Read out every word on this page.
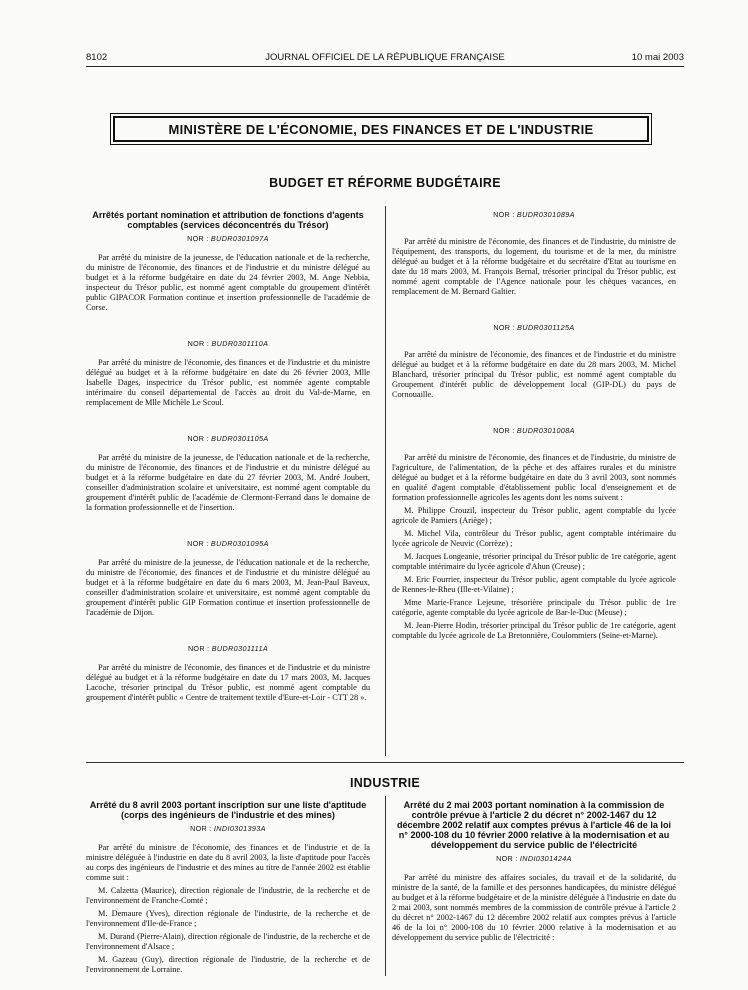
8102	JOURNAL OFFICIEL DE LA RÉPUBLIQUE FRANÇAISE	10 mai 2003
MINISTÈRE DE L'ÉCONOMIE, DES FINANCES ET DE L'INDUSTRIE
BUDGET ET RÉFORME BUDGÉTAIRE
Arrêtés portant nomination et attribution de fonctions d'agents comptables (services déconcentrés du Trésor)
NOR : BUDR0301097A

Par arrêté du ministre de la jeunesse, de l'éducation nationale et de la recherche, du ministre de l'économie, des finances et de l'industrie et du ministre délégué au budget et à la réforme budgétaire en date du 24 février 2003, M. Ange Nebbia, inspecteur du Trésor public, est nommé agent comptable du groupement d'intérêt public GIPACOR Formation continue et insertion professionnelle de l'académie de Corse.

NOR : BUDR0301110A

Par arrêté du ministre de l'économie, des finances et de l'industrie et du ministre délégué au budget et à la réforme budgétaire en date du 26 février 2003, Mlle Isabelle Dages, inspectrice du Trésor public, est nommée agente comptable intérimaire du conseil départemental de l'accès au droit du Val-de-Marne, en remplacement de Mlle Michèle Le Scoul.

NOR : BUDR0301105A

Par arrêté du ministre de la jeunesse, de l'éducation nationale et de la recherche, du ministre de l'économie, des finances et de l'industrie et du ministre délégué au budget et à la réforme budgétaire en date du 27 février 2003, M. André Joubert, conseiller d'administration scolaire et universitaire, est nommé agent comptable du groupement d'intérêt public de l'académie de Clermont-Ferrand dans le domaine de la formation professionnelle et de l'insertion.

NOR : BUDR0301095A

Par arrêté du ministre de la jeunesse, de l'éducation nationale et de la recherche, du ministre de l'économie, des finances et de l'industrie et du ministre délégué au budget et à la réforme budgétaire en date du 6 mars 2003, M. Jean-Paul Baveux, conseiller d'administration scolaire et universitaire, est nommé agent comptable du groupement d'intérêt public GIP Formation continue et insertion professionnelle de l'académie de Dijon.

NOR : BUDR0301111A

Par arrêté du ministre de l'économie, des finances et de l'industrie et du ministre délégué au budget et à la réforme budgétaire en date du 17 mars 2003, M. Jacques Lacoche, trésorier principal du Trésor public, est nommé agent comptable du groupement d'intérêt public « Centre de traitement textile d'Eure-et-Loir - CTT 28 ».

NOR : BUDR0301089A

Par arrêté du ministre de l'économie, des finances et de l'industrie, du ministre de l'équipement, des transports, du logement, du tourisme et de la mer, du ministre délégué au budget et à la réforme budgétaire et du secrétaire d'Etat au tourisme en date du 18 mars 2003, M. François Bernal, trésorier principal du Trésor public, est nommé agent comptable de l'Agence nationale pour les chèques vacances, en remplacement de M. Bernard Galtier.

NOR : BUDR0301125A

Par arrêté du ministre de l'économie, des finances et de l'industrie et du ministre délégué au budget et à la réforme budgétaire en date du 28 mars 2003, M. Michel Blanchard, trésorier principal du Trésor public, est nommé agent comptable du Groupement d'intérêt public de développement local (GIP-DL) du pays de Cornouaille.

NOR : BUDR0301008A

Par arrêté du ministre de l'économie, des finances et de l'industrie, du ministre de l'agriculture, de l'alimentation, de la pêche et des affaires rurales et du ministre délégué au budget et à la réforme budgétaire en date du 3 avril 2003, sont nommés en qualité d'agent comptable d'établissement public local d'enseignement et de formation professionnelle agricoles les agents dont les noms suivent :

M. Philippe Crouzil, inspecteur du Trésor public, agent comptable du lycée agricole de Pamiers (Ariège) ;

M. Michel Vila, contrôleur du Trésor public, agent comptable intérimaire du lycée agricole de Neuvic (Corrèze) ;

M. Jacques Longeanie, trésorier principal du Trésor public de 1re catégorie, agent comptable intérimaire du lycée agricole d'Ahun (Creuse) ;

M. Eric Fourrier, inspecteur du Trésor public, agent comptable du lycée agricole de Rennes-le-Rheu (Ille-et-Vilaine) ;

Mme Marie-France Lejeune, trésorière principale du Trésor public de 1re catégorie, agente comptable du lycée agricole de Bar-le-Duc (Meuse) ;

M. Jean-Pierre Hodin, trésorier principal du Trésor public de 1re catégorie, agent comptable du lycée agricole de La Bretonnière, Coulommiers (Seine-et-Marne).

INDUSTRIE
Arrêté du 8 avril 2003 portant inscription sur une liste d'aptitude (corps des ingénieurs de l'industrie et des mines)
NOR : INDI0301393A

Par arrêté du ministre de l'économie, des finances et de l'industrie et de la ministre déléguée à l'industrie en date du 8 avril 2003, la liste d'aptitude pour l'accès au corps des ingénieurs de l'industrie et des mines au titre de l'année 2002 est établie comme suit :

M. Calzetta (Maurice), direction régionale de l'industrie, de la recherche et de l'environnement de Franche-Comté ;

M. Demaure (Yves), direction régionale de l'industrie, de la recherche et de l'environnement d'Ile-de-France ;

M. Durand (Pierre-Alain), direction régionale de l'industrie, de la recherche et de l'environnement d'Alsace ;

M. Gazeau (Guy), direction régionale de l'industrie, de la recherche et de l'environnement de Lorraine.

Arrêté du 2 mai 2003 portant nomination à la commission de contrôle prévue à l'article 2 du décret n° 2002-1467 du 12 décembre 2002 relatif aux comptes prévus à l'article 46 de la loi n° 2000-108 du 10 février 2000 relative à la modernisation et au développement du service public de l'électricité
NOR : INDI0301424A

Par arrêté du ministre des affaires sociales, du travail et de la solidarité, du ministre de la santé, de la famille et des personnes handicapées, du ministre délégué au budget et à la réforme budgétaire et de la ministre déléguée à l'industrie en date du 2 mai 2003, sont nommés membres de la commission de contrôle prévue à l'article 2 du décret n° 2002-1467 du 12 décembre 2002 relatif aux comptes prévus à l'article 46 de la loi n° 2000-108 du 10 février 2000 relative à la modernisation et au développement du service public de l'électricité :
